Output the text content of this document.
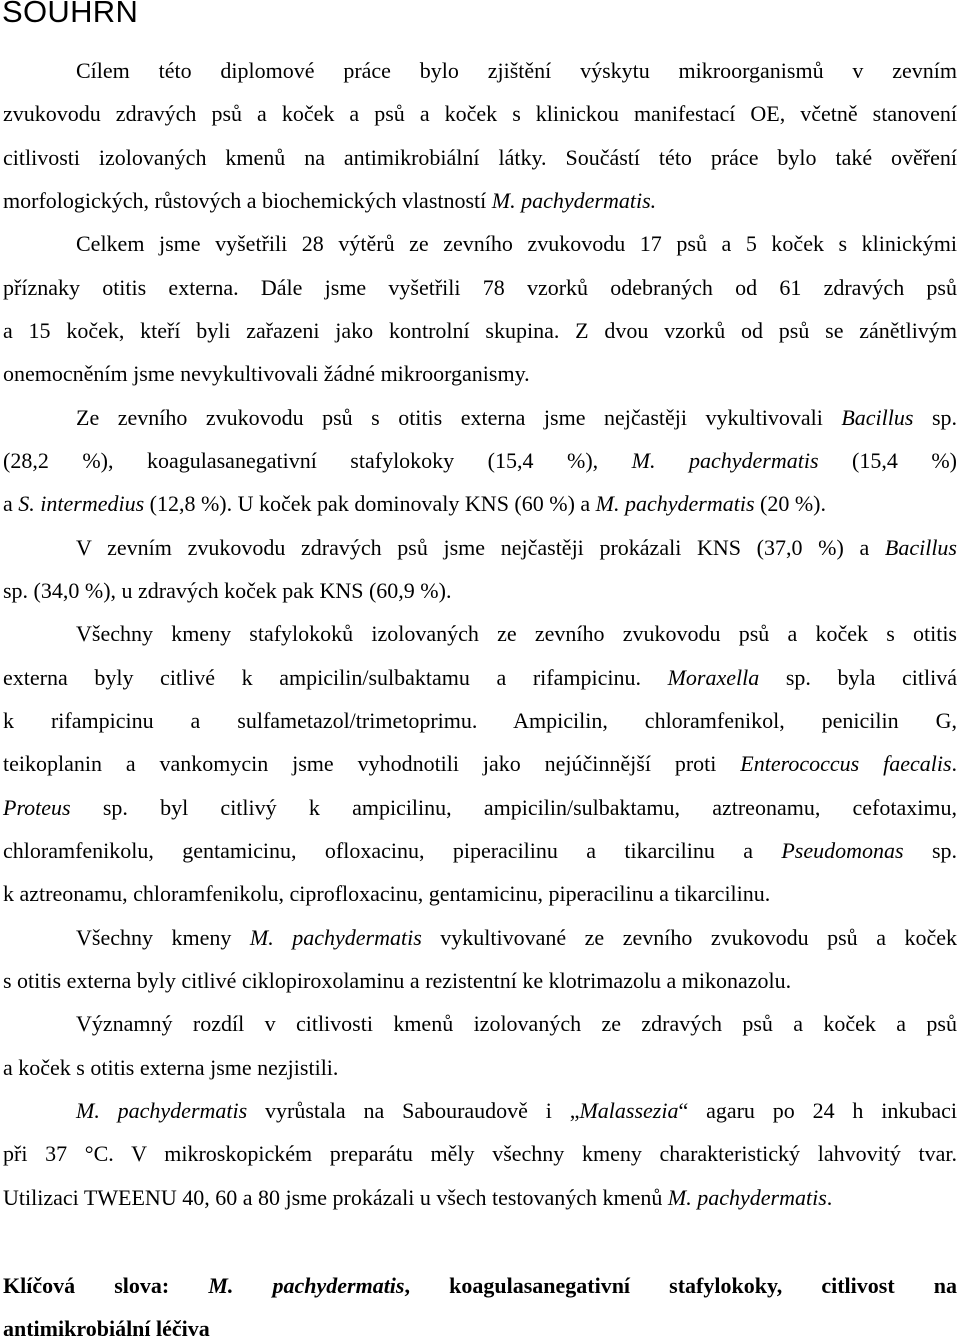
SOUHRN
Cílem této diplomové práce bylo zjištění výskytu mikroorganismů v zevním
zvukovodu zdravých psů a koček a psů a koček s klinickou manifestací OE, včetně stanovení
citlivosti izolovaných kmenů na antimikrobiální látky. Součástí této práce bylo také ověření
morfologických, růstových a biochemických vlastností M. pachydermatis.
Celkem jsme vyšetřili 28 výtěrů ze zevního zvukovodu 17 psů a 5 koček s klinickými
příznaky otitis externa. Dále jsme vyšetřili 78 vzorků odebraných od 61 zdravých psů
a 15 koček, kteří byli zařazeni jako kontrolní skupina. Z dvou vzorků od psů se zánětlivým
onemocněním jsme nevykultivovali žádné mikroorganismy.
Ze zevního zvukovodu psů s otitis externa jsme nejčastěji vykultivovali Bacillus sp.
(28,2 %), koagulasanegativní stafylokoky (15,4 %), M. pachydermatis (15,4 %)
a S. intermedius (12,8 %). U koček pak dominovaly KNS (60 %) a M. pachydermatis (20 %).
V zevním zvukovodu zdravých psů jsme nejčastěji prokázali KNS (37,0 %) a Bacillus
sp. (34,0 %), u zdravých koček pak KNS (60,9 %).
Všechny kmeny stafylokoků izolovaných ze zevního zvukovodu psů a koček s otitis
externa byly citlivé k ampicilin/sulbaktamu a rifampicinu. Moraxella sp. byla citlivá
k rifampicinu a sulfametazol/trimetoprimu. Ampicilin, chloramfenikol, penicilin G,
teikoplanin a vankomycin jsme vyhodnotili jako nejúčinnější proti Enterococcus faecalis.
Proteus sp. byl citlivý k ampicilinu, ampicilin/sulbaktamu, aztreonamu, cefotaximu,
chloramfenikolu, gentamicinu, ofloxacinu, piperacilinu a tikarcilinu a Pseudomonas sp.
k aztreonamu, chloramfenikolu, ciprofloxacinu, gentamicinu, piperacilinu a tikarcilinu.
Všechny kmeny M. pachydermatis vykultivované ze zevního zvukovodu psů a koček
s otitis externa byly citlivé ciklopiroxolaminu a rezistentní ke klotrimazolu a mikonazolu.
Významný rozdíl v citlivosti kmenů izolovaných ze zdravých psů a koček a psů
a koček s otitis externa jsme nezjistili.
M. pachydermatis vyrůstala na Sabouraudově i „Malassezia“ agaru po 24 h inkubaci
při 37 °C. V mikroskopickém preparátu měly všechny kmeny charakteristický lahvovitý tvar.
Utilizaci TWEENU 40, 60 a 80 jsme prokázali u všech testovaných kmenů M. pachydermatis.
Klíčová slova: M. pachydermatis, koagulasanegativní stafylokoky, citlivost na
antimikrobiální léčiva
